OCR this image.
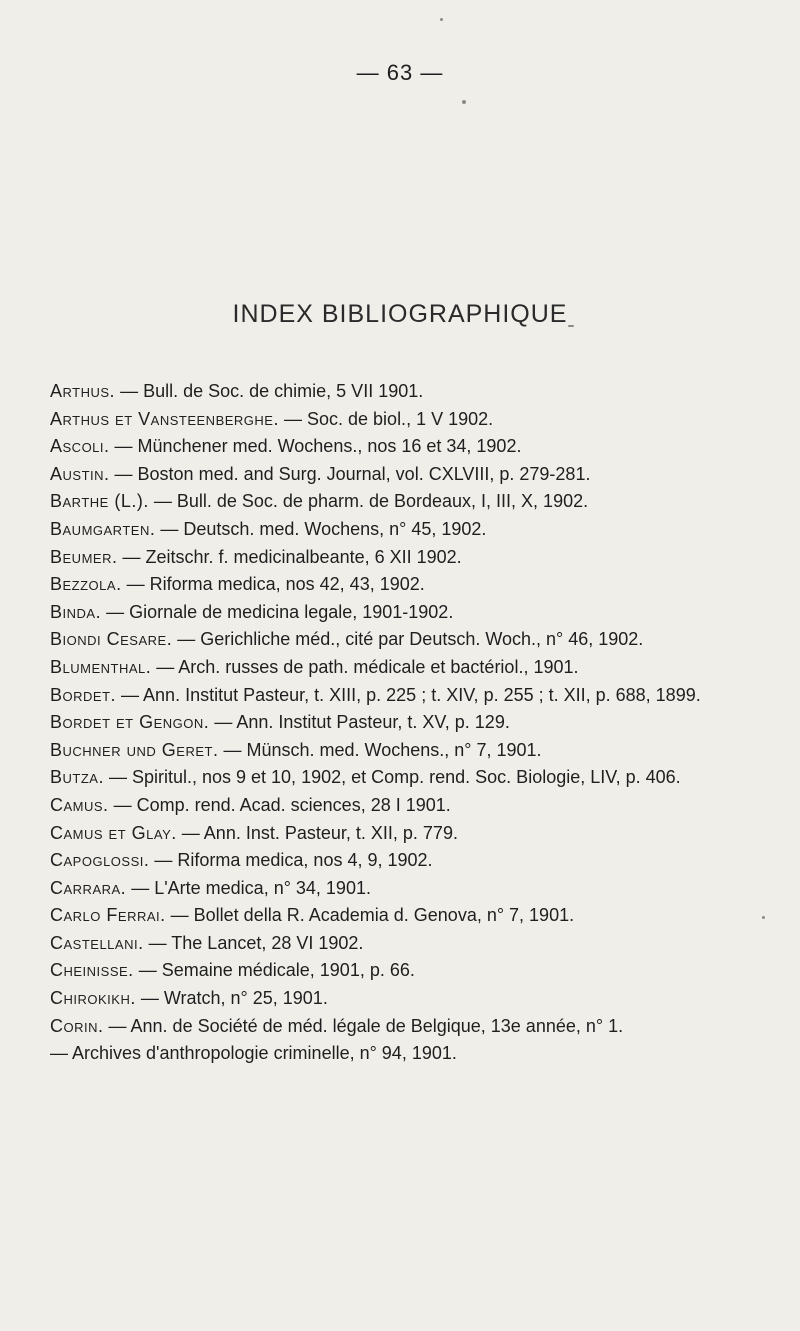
— 63 —
INDEX BIBLIOGRAPHIQUE
Arthus. — Bull. de Soc. de chimie, 5 VII 1901.
Arthus et Vansteenberghe. — Soc. de biol., 1 V 1902.
Ascoli. — Münchener med. Wochens., nos 16 et 34, 1902.
Austin. — Boston med. and Surg. Journal, vol. CXLVIII, p. 279-281.
Barthe (L.). — Bull. de Soc. de pharm. de Bordeaux, I, III, X, 1902.
Baumgarten. — Deutsch. med. Wochens, n° 45, 1902.
Beumer. — Zeitschr. f. medicinalbeante, 6 XII 1902.
Bezzola. — Riforma medica, nos 42, 43, 1902.
Binda. — Giornale de medicina legale, 1901-1902.
Biondi Cesare. — Gerichliche méd., cité par Deutsch. Woch., n° 46, 1902.
Blumenthal. — Arch. russes de path. médicale et bactériol., 1901.
Bordet. — Ann. Institut Pasteur, t. XIII, p. 225 ; t. XIV, p. 255 ; t. XII, p. 688, 1899.
Bordet et Gengon. — Ann. Institut Pasteur, t. XV, p. 129.
Buchner und Geret. — Münsch. med. Wochens., n° 7, 1901.
Butza. — Spiritul., nos 9 et 10, 1902, et Comp. rend. Soc. Biologie, LIV, p. 406.
Camus. — Comp. rend. Acad. sciences, 28 I 1901.
Camus et Glay. — Ann. Inst. Pasteur, t. XII, p. 779.
Capoglossi. — Riforma medica, nos 4, 9, 1902.
Carrara. — L'Arte medica, n° 34, 1901.
Carlo Ferrai. — Bollet della R. Academia d. Genova, n° 7, 1901.
Castellani. — The Lancet, 28 VI 1902.
Cheinisse. — Semaine médicale, 1901, p. 66.
Chirokikh. — Wratch, n° 25, 1901.
Corin. — Ann. de Société de méd. légale de Belgique, 13e année, n° 1.
— Archives d'anthropologie criminelle, n° 94, 1901.
